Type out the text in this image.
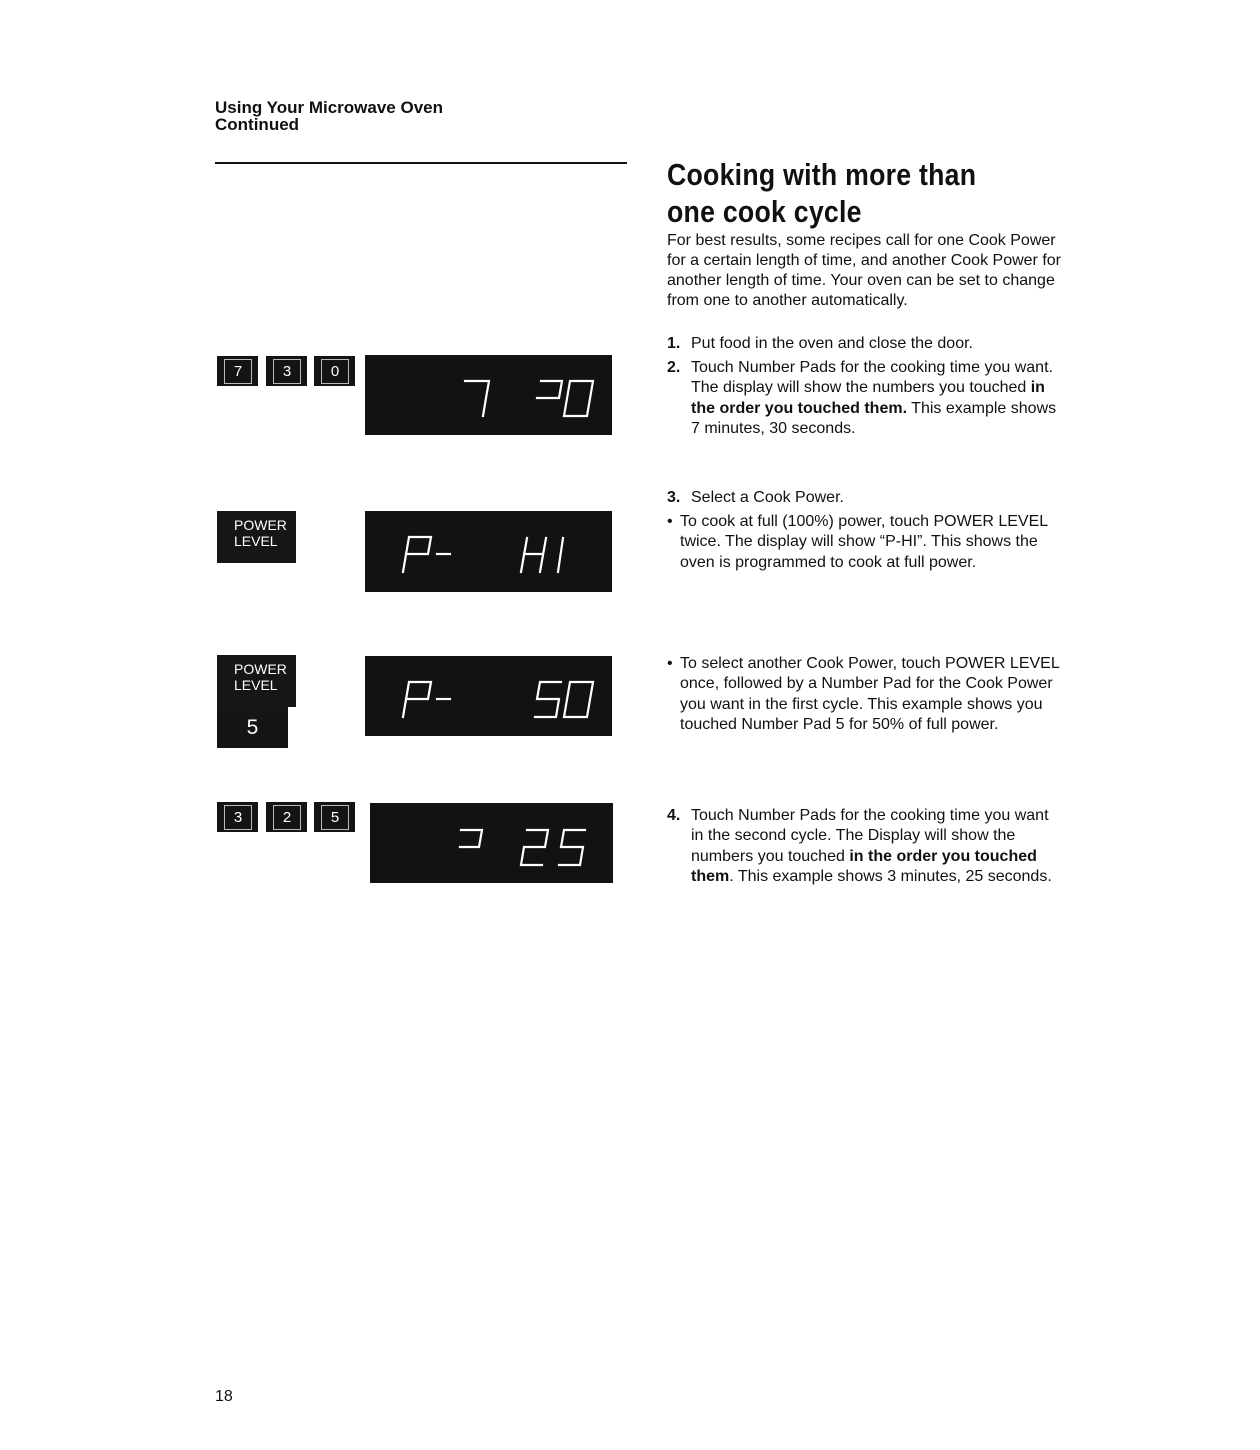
Using Your Microwave Oven
Continued
Cooking with more than one cook cycle
For best results, some recipes call for one Cook Power for a certain length of time, and another Cook Power for another length of time. Your oven can be set to change from one to another automatically.
1. Put food in the oven and close the door.
2. Touch Number Pads for the cooking time you want. The display will show the numbers you touched in the order you touched them. This example shows 7 minutes, 30 seconds.
3. Select a Cook Power.
• To cook at full (100%) power, touch POWER LEVEL twice. The display will show “P-HI”. This shows the oven is programmed to cook at full power.
• To select another Cook Power, touch POWER LEVEL once, followed by a Number Pad for the Cook Power you want in the first cycle. This example shows you touched Number Pad 5 for 50% of full power.
4. Touch Number Pads for the cooking time you want in the second cycle. The Display will show the numbers you touched in the order you touched them. This example shows 3 minutes, 25 seconds.
7	3	0
POWER
LEVEL
POWER
LEVEL
5
3	2	5
18
